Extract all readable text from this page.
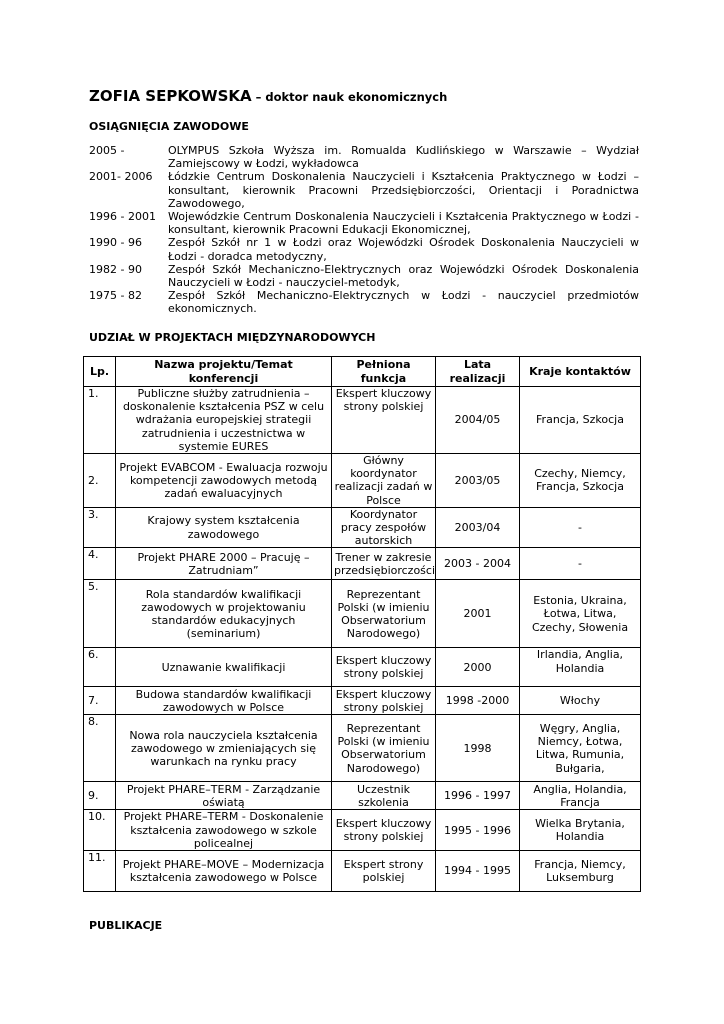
ZOFIA SEPKOWSKA – doktor nauk ekonomicznych
OSIĄGNIĘCIA ZAWODOWE
2005 -	OLYMPUS Szkoła Wyższa im. Romualda Kudlińskiego w Warszawie – Wydział Zamiejscowy w Łodzi, wykładowca
2001- 2006	Łódzkie Centrum Doskonalenia Nauczycieli i Kształcenia Praktycznego w Łodzi – konsultant, kierownik Pracowni Przedsiębiorczości, Orientacji i Poradnictwa Zawodowego,
1996 - 2001	Wojewódzkie Centrum Doskonalenia Nauczycieli i Kształcenia Praktycznego w Łodzi - konsultant, kierownik Pracowni Edukacji Ekonomicznej,
1990 - 96	Zespół Szkół nr 1 w Łodzi oraz Wojewódzki Ośrodek Doskonalenia Nauczycieli w Łodzi - doradca metodyczny,
1982 - 90	Zespół Szkół Mechaniczno-Elektrycznych oraz Wojewódzki Ośrodek Doskonalenia Nauczycieli w Łodzi - nauczyciel-metodyk,
1975 - 82	Zespół Szkół Mechaniczno-Elektrycznych w Łodzi - nauczyciel przedmiotów ekonomicznych.
UDZIAŁ W PROJEKTACH MIĘDZYNARODOWYCH
Lp.	Nazwa projektu/Temat konferencji	Pełniona funkcja	Lata realizacji	Kraje kontaktów
1.	Publiczne służby zatrudnienia – doskonalenie kształcenia PSZ w celu wdrażania europejskiej strategii zatrudnienia i uczestnictwa w systemie EURES	Ekspert kluczowy strony polskiej	2004/05	Francja, Szkocja
2.	Projekt EVABCOM - Ewaluacja rozwoju kompetencji zawodowych metodą zadań ewaluacyjnych	Główny koordynator realizacji zadań w Polsce	2003/05	Czechy, Niemcy, Francja, Szkocja
3.	Krajowy system kształcenia zawodowego	Koordynator pracy zespołów autorskich	2003/04	-
4.	Projekt PHARE 2000 – Pracuję – Zatrudniam”	Trener w zakresie przedsiębiorczości	2003 - 2004	-
5.	Rola standardów kwalifikacji zawodowych w projektowaniu standardów edukacyjnych (seminarium)	Reprezentant Polski (w imieniu Obserwatorium Narodowego)	2001	Estonia, Ukraina, Łotwa, Litwa, Czechy, Słowenia
6.	Uznawanie kwalifikacji	Ekspert kluczowy strony polskiej	2000	Irlandia, Anglia, Holandia
7.	Budowa standardów kwalifikacji zawodowych w Polsce	Ekspert kluczowy strony polskiej	1998 -2000	Włochy
8.	Nowa rola nauczyciela kształcenia zawodowego w zmieniających się warunkach na rynku pracy	Reprezentant Polski (w imieniu Obserwatorium Narodowego)	1998	Węgry, Anglia, Niemcy, Łotwa, Litwa, Rumunia, Bułgaria,
9.	Projekt PHARE–TERM - Zarządzanie oświatą	Uczestnik szkolenia	1996 - 1997	Anglia, Holandia, Francja
10.	Projekt PHARE–TERM - Doskonalenie kształcenia zawodowego w szkole policealnej	Ekspert kluczowy strony polskiej	1995 - 1996	Wielka Brytania, Holandia
11.	Projekt PHARE–MOVE – Modernizacja kształcenia zawodowego w Polsce	Ekspert strony polskiej	1994 - 1995	Francja, Niemcy, Luksemburg
PUBLIKACJE
